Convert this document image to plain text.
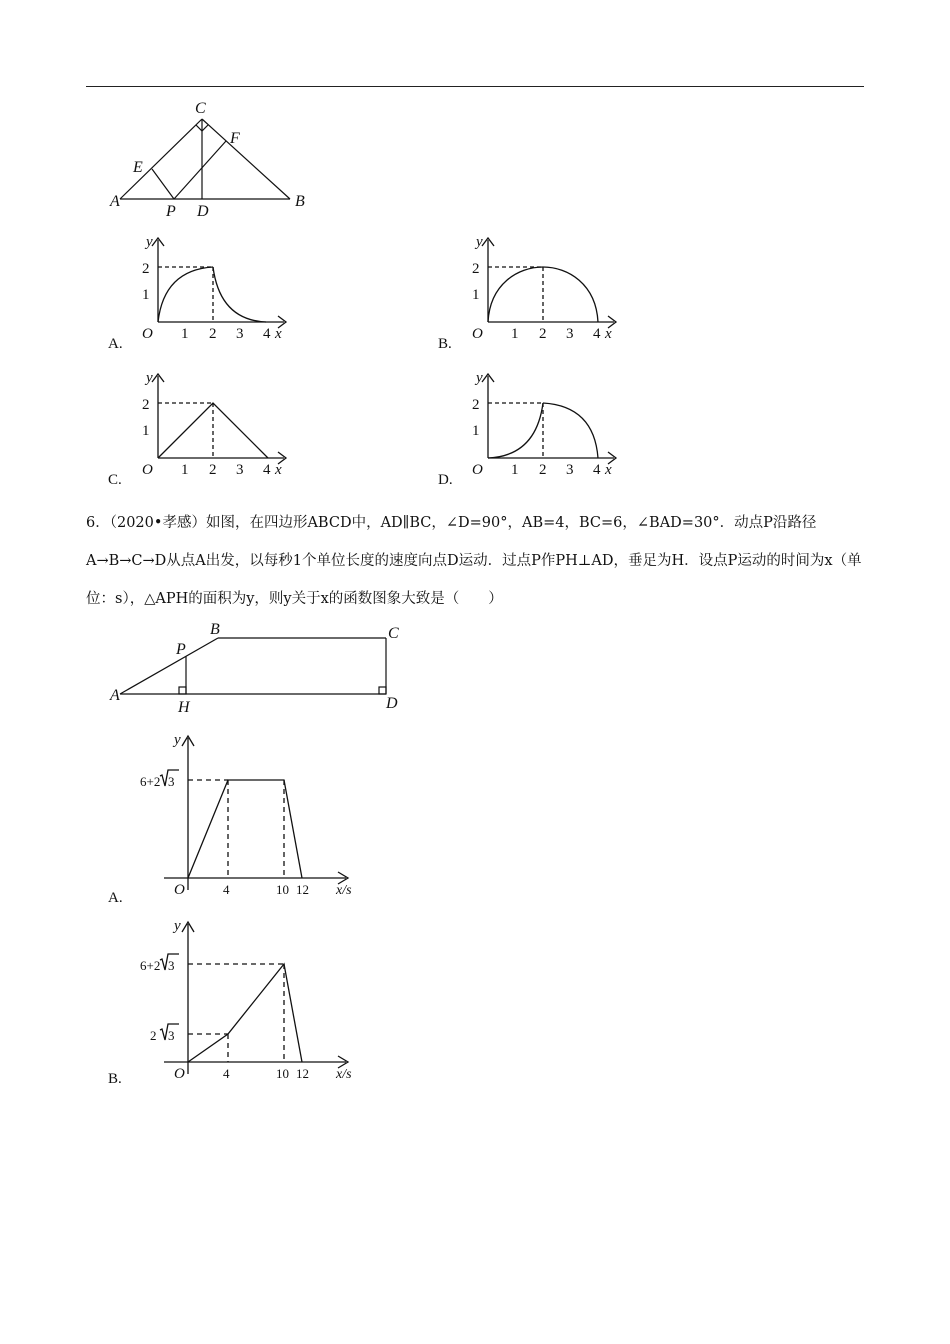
C
E
F
A
P D
B
y
2
1
O 1 2 3 4 x
A.
y
2
1
O 1 2 3 4 x
B.
y
2
1
O 1 2 3 4 x
C.
y
2
1
O 1 2 3 4 x
D.
6．（2020•孝感）如图，在四边形ABCD中，AD∥BC，∠D=90°，AB=4，BC=6，∠BAD=30°．动点P沿路径A→B→C→D从点A出发，以每秒1个单位长度的速度向点D运动．过点P作PH⊥AD，垂足为H．设点P运动的时间为x（单位：s），△APH的面积为y，则y关于x的函数图象大致是（　　）
B	C
P
A
H	D
y
6+2 3
O	4	10 12 x/s
A.
y
6+2 3
2 3
O	4	10 12 x/s
B.
